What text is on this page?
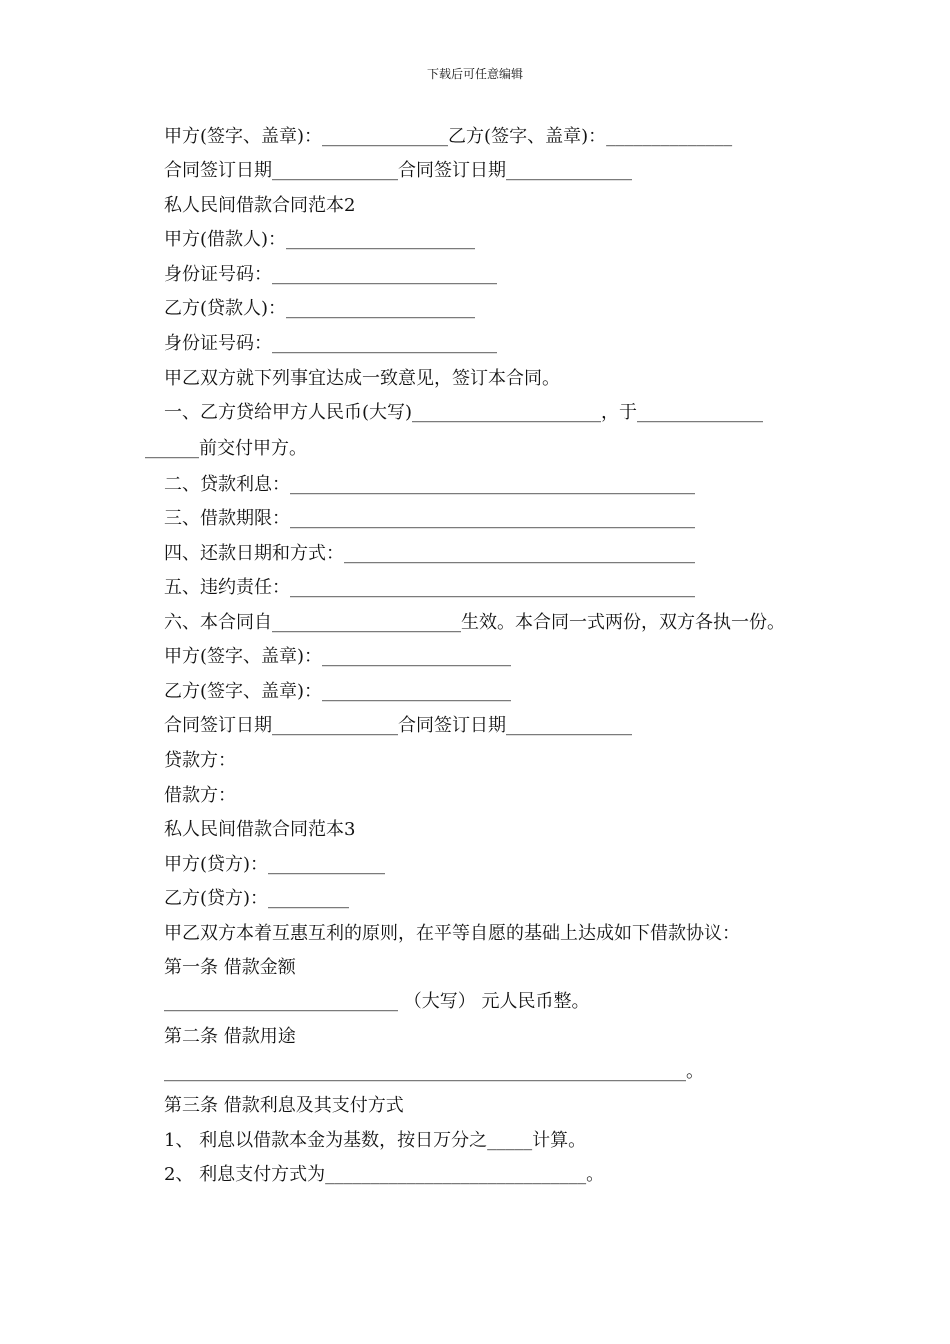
下载后可任意编辑
甲方(签字、盖章)：______________乙方(签字、盖章)：______________
合同签订日期______________合同签订日期______________
私人民间借款合同范本2
甲方(借款人)：_____________________
身份证号码：_________________________
乙方(贷款人)：_____________________
身份证号码：_________________________
甲乙双方就下列事宜达成一致意见，签订本合同。
一、乙方贷给甲方人民币(大写)_____________________，于______________
______前交付甲方。
二、贷款利息：_____________________________________________
三、借款期限：_____________________________________________
四、还款日期和方式：_______________________________________
五、违约责任：_____________________________________________
六、本合同自_____________________生效。本合同一式两份，双方各执一份。
甲方(签字、盖章)：_____________________
乙方(签字、盖章)：_____________________
合同签订日期______________合同签订日期______________
贷款方：
借款方：
私人民间借款合同范本3
甲方(贷方)：_____________
乙方(贷方)：_________
甲乙双方本着互惠互利的原则，在平等自愿的基础上达成如下借款协议：
第一条 借款金额
__________________________ （大写） 元人民币整。
第二条 借款用途
__________________________________________________________。
第三条 借款利息及其支付方式
1、 利息以借款本金为基数，按日万分之_____计算。
2、 利息支付方式为_____________________________。
